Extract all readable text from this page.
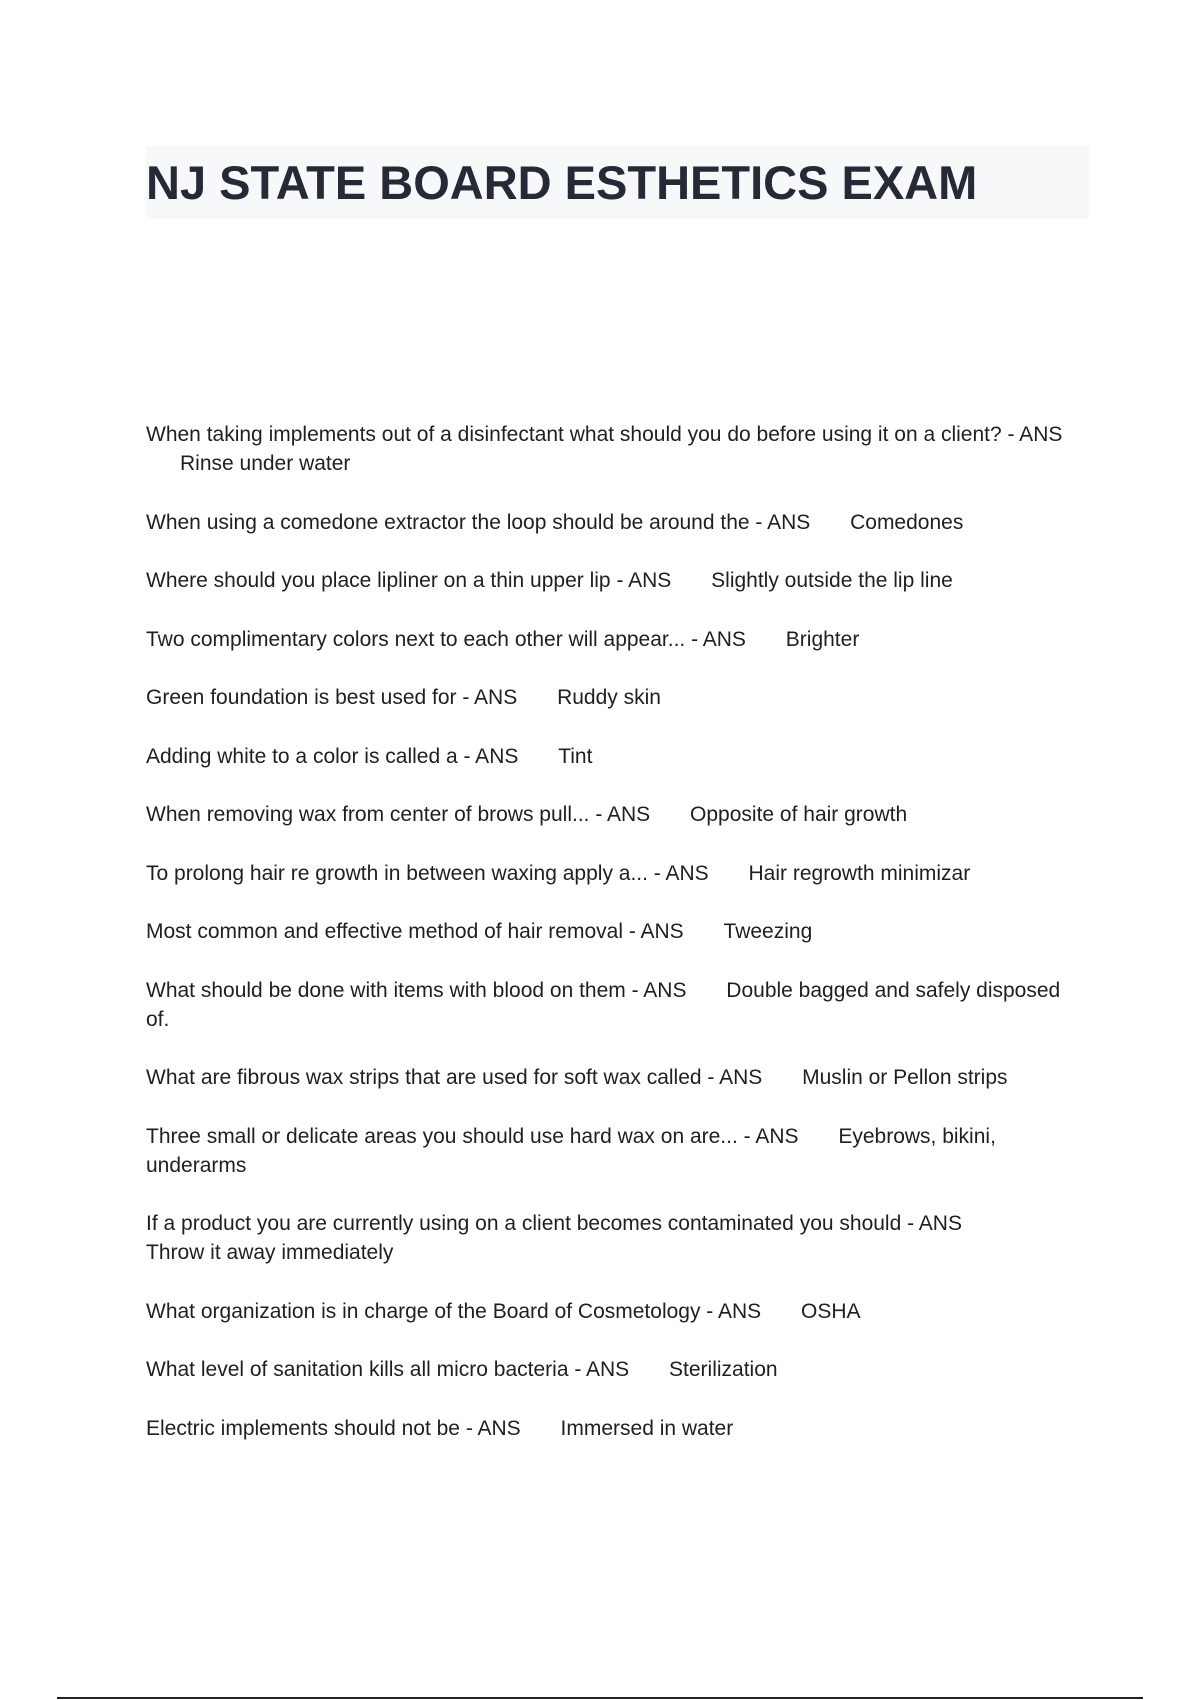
NJ STATE BOARD ESTHETICS EXAM
When taking implements out of a disinfectant what should you do before using it on a client? - ANS Rinse under water
When using a comedone extractor the loop should be around the - ANS Comedones
Where should you place lipliner on a thin upper lip - ANS Slightly outside the lip line
Two complimentary colors next to each other will appear... - ANS Brighter
Green foundation is best used for - ANS Ruddy skin
Adding white to a color is called a - ANS Tint
When removing wax from center of brows pull... - ANS Opposite of hair growth
To prolong hair re growth in between waxing apply a... - ANS Hair regrowth minimizar
Most common and effective method of hair removal - ANS Tweezing
What should be done with items with blood on them - ANS Double bagged and safely disposed of.
What are fibrous wax strips that are used for soft wax called - ANS Muslin or Pellon strips
Three small or delicate areas you should use hard wax on are... - ANS Eyebrows, bikini, underarms
If a product you are currently using on a client becomes contaminated you should - ANS
Throw it away immediately
What organization is in charge of the Board of Cosmetology - ANS OSHA
What level of sanitation kills all micro bacteria - ANS Sterilization
Electric implements should not be - ANS Immersed in water
